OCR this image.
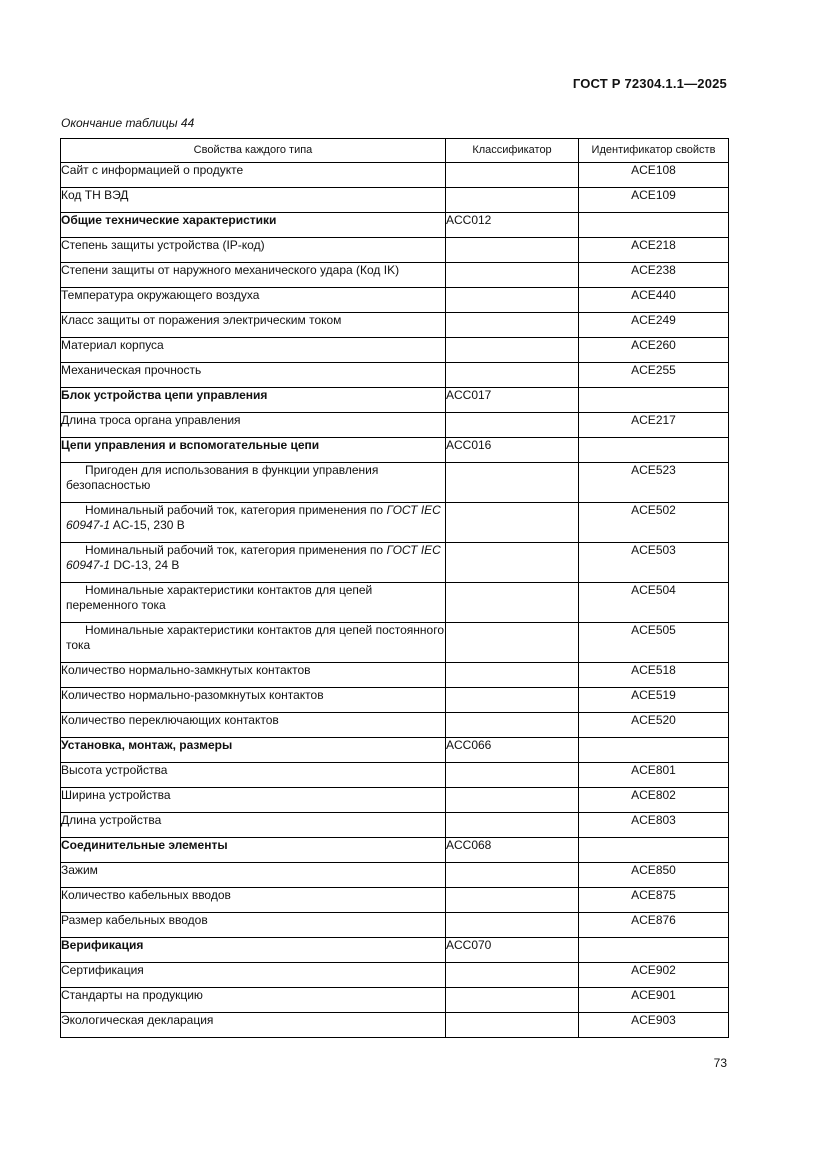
ГОСТ Р 72304.1.1—2025
Окончание таблицы 44
Свойства каждого типа	Классификатор	Идентификатор свойств
Сайт с информацией о продукте		ACE108
Код ТН ВЭД		ACE109
Общие технические характеристики	ACC012	
Степень защиты устройства (IP-код)		ACE218
Степени защиты от наружного механического удара (Код IK)		ACE238
Температура окружающего воздуха		ACE440
Класс защиты от поражения электрическим током		ACE249
Материал корпуса		ACE260
Механическая прочность		ACE255
Блок устройства цепи управления	ACC017	
Длина троса органа управления		ACE217
Цепи управления и вспомогательные цепи	ACC016	
Пригоден для использования в функции управления безопасностью		ACE523
Номинальный рабочий ток, категория применения по ГОСТ IEC 60947-1 AC-15, 230 В		ACE502
Номинальный рабочий ток, категория применения по ГОСТ IEC 60947-1 DC-13, 24 В		ACE503
Номинальные характеристики контактов для цепей переменного тока		ACE504
Номинальные характеристики контактов для цепей постоянного тока		ACE505
Количество нормально-замкнутых контактов		ACE518
Количество нормально-разомкнутых контактов		ACE519
Количество переключающих контактов		ACE520
Установка, монтаж, размеры	ACC066	
Высота устройства		ACE801
Ширина устройства		ACE802
Длина устройства		ACE803
Соединительные элементы	ACC068	
Зажим		ACE850
Количество кабельных вводов		ACE875
Размер кабельных вводов		ACE876
Верификация	ACC070	
Сертификация		ACE902
Стандарты на продукцию		ACE901
Экологическая декларация		ACE903
73
